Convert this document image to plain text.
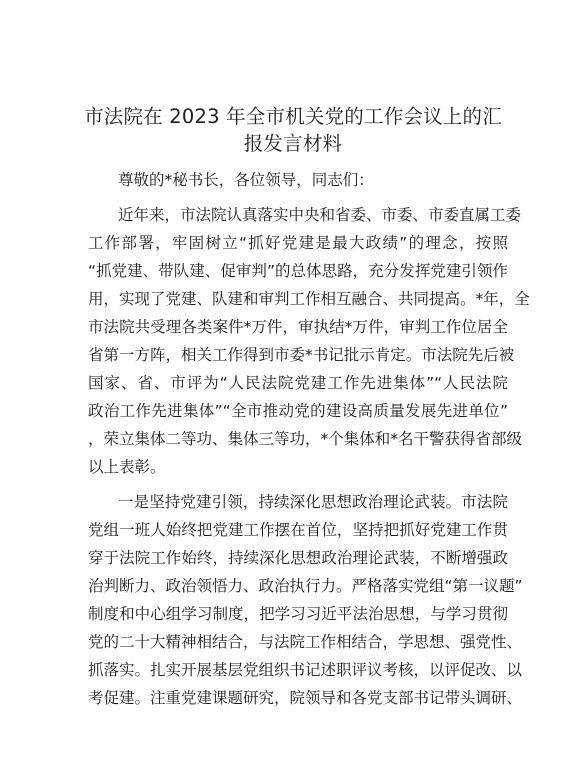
市法院在 2023 年全市机关党的工作会议上的汇
报发言材料
尊敬的*秘书长，各位领导，同志们：
近年来，市法院认真落实中央和省委、市委、市委直属工委
工作部署，牢固树立“抓好党建是最大政绩”的理念，按照
“抓党建、带队建、促审判”的总体思路，充分发挥党建引领作
用，实现了党建、队建和审判工作相互融合、共同提高。*年，全
市法院共受理各类案件*万件，审执结*万件，审判工作位居全
省第一方阵，相关工作得到市委*书记批示肯定。市法院先后被
国家、省、市评为“人民法院党建工作先进集体”“人民法院
政治工作先进集体”“全市推动党的建设高质量发展先进单位”
，荣立集体二等功、集体三等功，*个集体和*名干警获得省部级
以上表彰。
一是坚持党建引领，持续深化思想政治理论武装。市法院
党组一班人始终把党建工作摆在首位，坚持把抓好党建工作贯
穿于法院工作始终，持续深化思想政治理论武装，不断增强政
治判断力、政治领悟力、政治执行力。严格落实党组“第一议题”
制度和中心组学习制度，把学习习近平法治思想，与学习贯彻
党的二十大精神相结合，与法院工作相结合，学思想、强党性、
抓落实。扎实开展基层党组织书记述职评议考核，以评促改、以
考促建。注重党建课题研究，院领导和各党支部书记带头调研、
